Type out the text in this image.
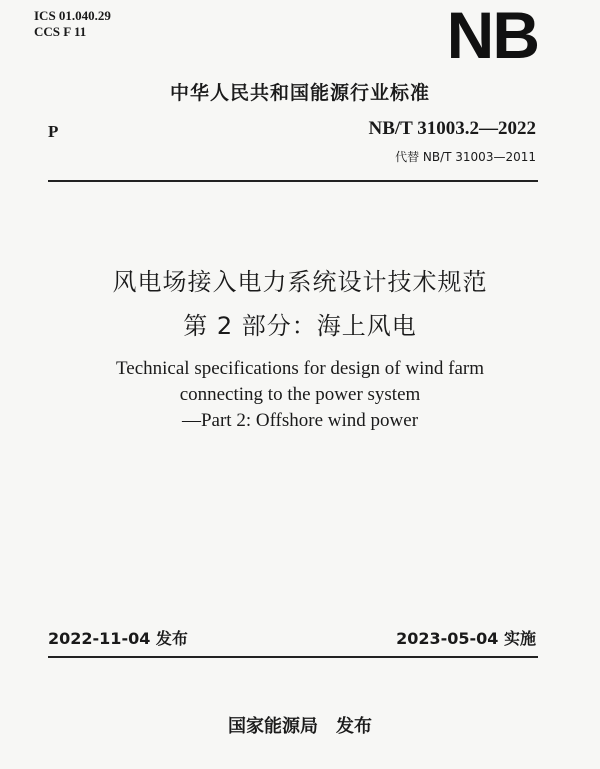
ICS 01.040.29
CCS F 11	NB
中华人民共和国能源行业标准
P	NB/T 31003.2—2022
代替 NB/T 31003—2011
风电场接入电力系统设计技术规范
第 2 部分：海上风电
Technical specifications for design of wind farm
connecting to the power system
—Part 2: Offshore wind power
2022-11-04 发布	2023-05-04 实施
国家能源局　发布
